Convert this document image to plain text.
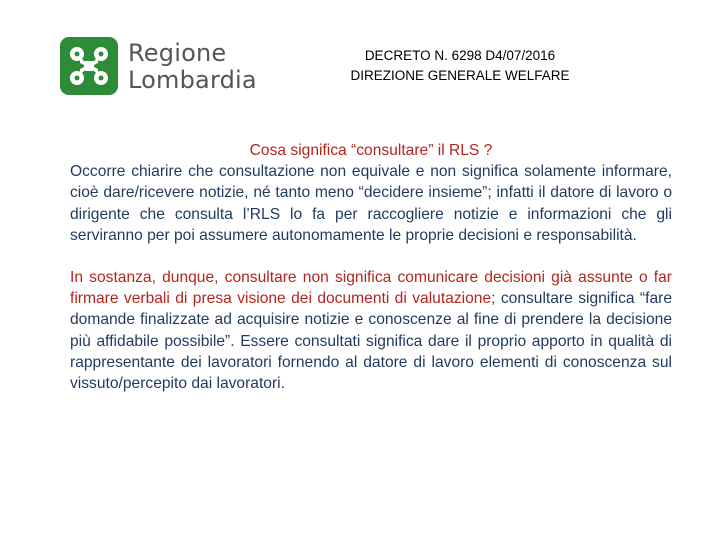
Regione
Lombardia
DECRETO N. 6298 D4/07/2016
DIREZIONE GENERALE WELFARE
Cosa significa “consultare” il RLS ?

Occorre chiarire che consultazione non equivale e non significa solamente informare, cioè dare/ricevere notizie, né tanto meno “decidere insieme”; infatti il datore di lavoro o dirigente che consulta l’RLS lo fa per raccogliere notizie e informazioni che gli serviranno per poi assumere autonomamente le proprie decisioni e responsabilità.

In sostanza, dunque, consultare non significa comunicare decisioni già assunte o far firmare verbali di presa visione dei documenti di valutazione; consultare significa “fare domande finalizzate ad acquisire notizie e conoscenze al fine di prendere la decisione più affidabile possibile”. Essere consultati significa dare il proprio apporto in qualità di rappresentante dei lavoratori fornendo al datore di lavoro elementi di conoscenza sul vissuto/percepito dai lavoratori.
